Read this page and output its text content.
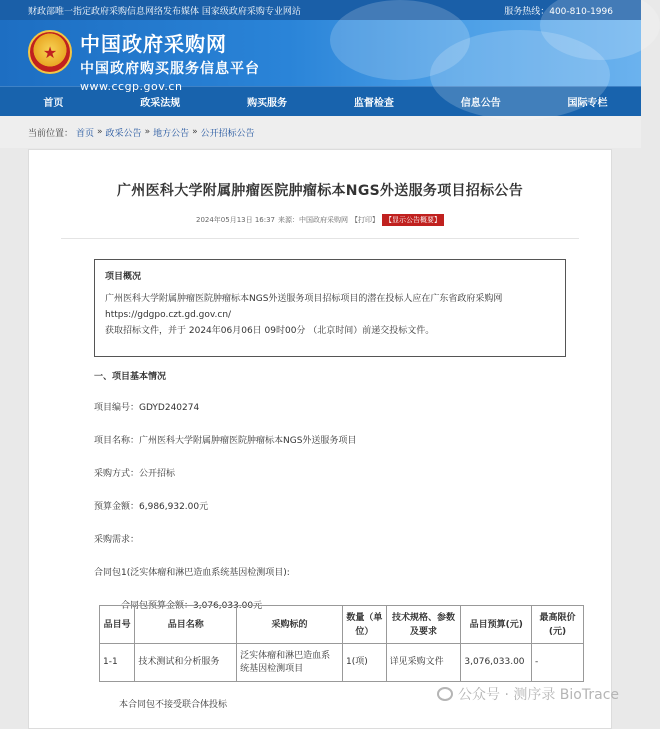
财政部唯一指定政府采购信息网络发布媒体 国家级政府采购专业网站	服务热线：400-810-1996
★ 中国政府采购网
中国政府购买服务信息平台
www.ccgp.gov.cn
首页	政采法规	购买服务	监督检查	信息公告	国际专栏
当前位置： 首页 » 政采公告 » 地方公告 » 公开招标公告
广州医科大学附属肿瘤医院肿瘤标本NGS外送服务项目招标公告
2024年05月13日 16:37 来源：中国政府采购网 【打印】 【显示公告概要】
项目概况

广州医科大学附属肿瘤医院肿瘤标本NGS外送服务项目招标项目的潜在投标人应在广东省政府采购网

https://gdgpo.czt.gd.gov.cn/

获取招标文件，并于 2024年06月06日 09时00分 （北京时间）前递交投标文件。

一、项目基本情况
项目编号：GDYD240274
项目名称：广州医科大学附属肿瘤医院肿瘤标本NGS外送服务项目
采购方式：公开招标
预算金额：6,986,932.00元
采购需求：
合同包1(泛实体瘤和淋巴造血系统基因检测项目):
合同包预算金额：3,076,033.00元
品目号	品目名称	采购标的	数量（单位）	技术规格、参数及要求	品目预算(元)	最高限价(元)
1-1	技术测试和分析服务	泛实体瘤和淋巴造血系统基因检测项目	1(项)	详见采购文件	3,076,033.00	-
本合同包不接受联合体投标
公众号 · 测序录 BioTrace
